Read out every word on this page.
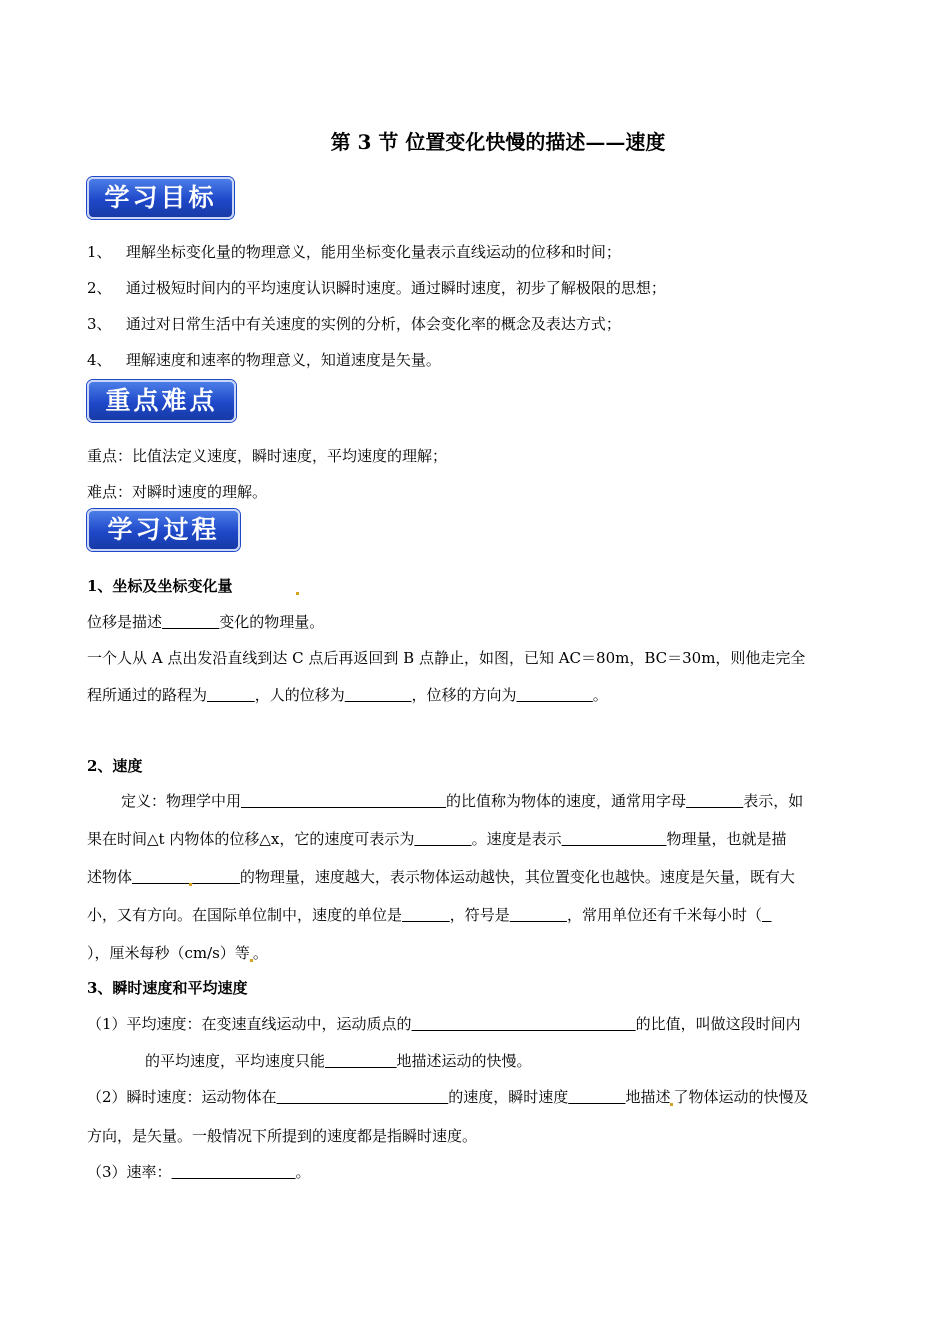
第 3 节 位置变化快慢的描述——速度
学习目标
1、 理解坐标变化量的物理意义，能用坐标变化量表示直线运动的位移和时间；
2、 通过极短时间内的平均速度认识瞬时速度。通过瞬时速度，初步了解极限的思想；
3、 通过对日常生活中有关速度的实例的分析，体会变化率的概念及表达方式；
4、 理解速度和速率的物理意义，知道速度是矢量。
重点难点
重点：比值法定义速度，瞬时速度，平均速度的理解；
难点：对瞬时速度的理解。
学习过程
1、坐标及坐标变化量
位移是描述	变化的物理量。
一个人从 A 点出发沿直线到达 C 点后再返回到 B 点静止，如图，已知 AC＝80m，BC＝30m，则他走完全
程所通过的路程为	，人的位移为	，位移的方向为	。
2、速度
定义：物理学中用	的比值称为物体的速度，通常用字母	表示，如
果在时间△t 内物体的位移△x，它的速度可表示为	。速度是表示	物理量，也就是描
述物体	的物理量，速度越大，表示物体运动越快，其位置变化也越快。速度是矢量，既有大
小，又有方向。在国际单位制中，速度的单位是	，符号是	，常用单位还有千米每小时（
），厘米每秒（cm/s）等 。
3、瞬时速度和平均速度
（1）平均速度：在变速直线运动中，运动质点的	的比值，叫做这段时间内
的平均速度，平均速度只能	地描述运动的快慢。
（2）瞬时速度：运动物体在	的速度，瞬时速度	地描述 了物体运动的快慢及
方向，是矢量。一般情况下所提到的速度都是指瞬时速度。
（3）速率：	。
